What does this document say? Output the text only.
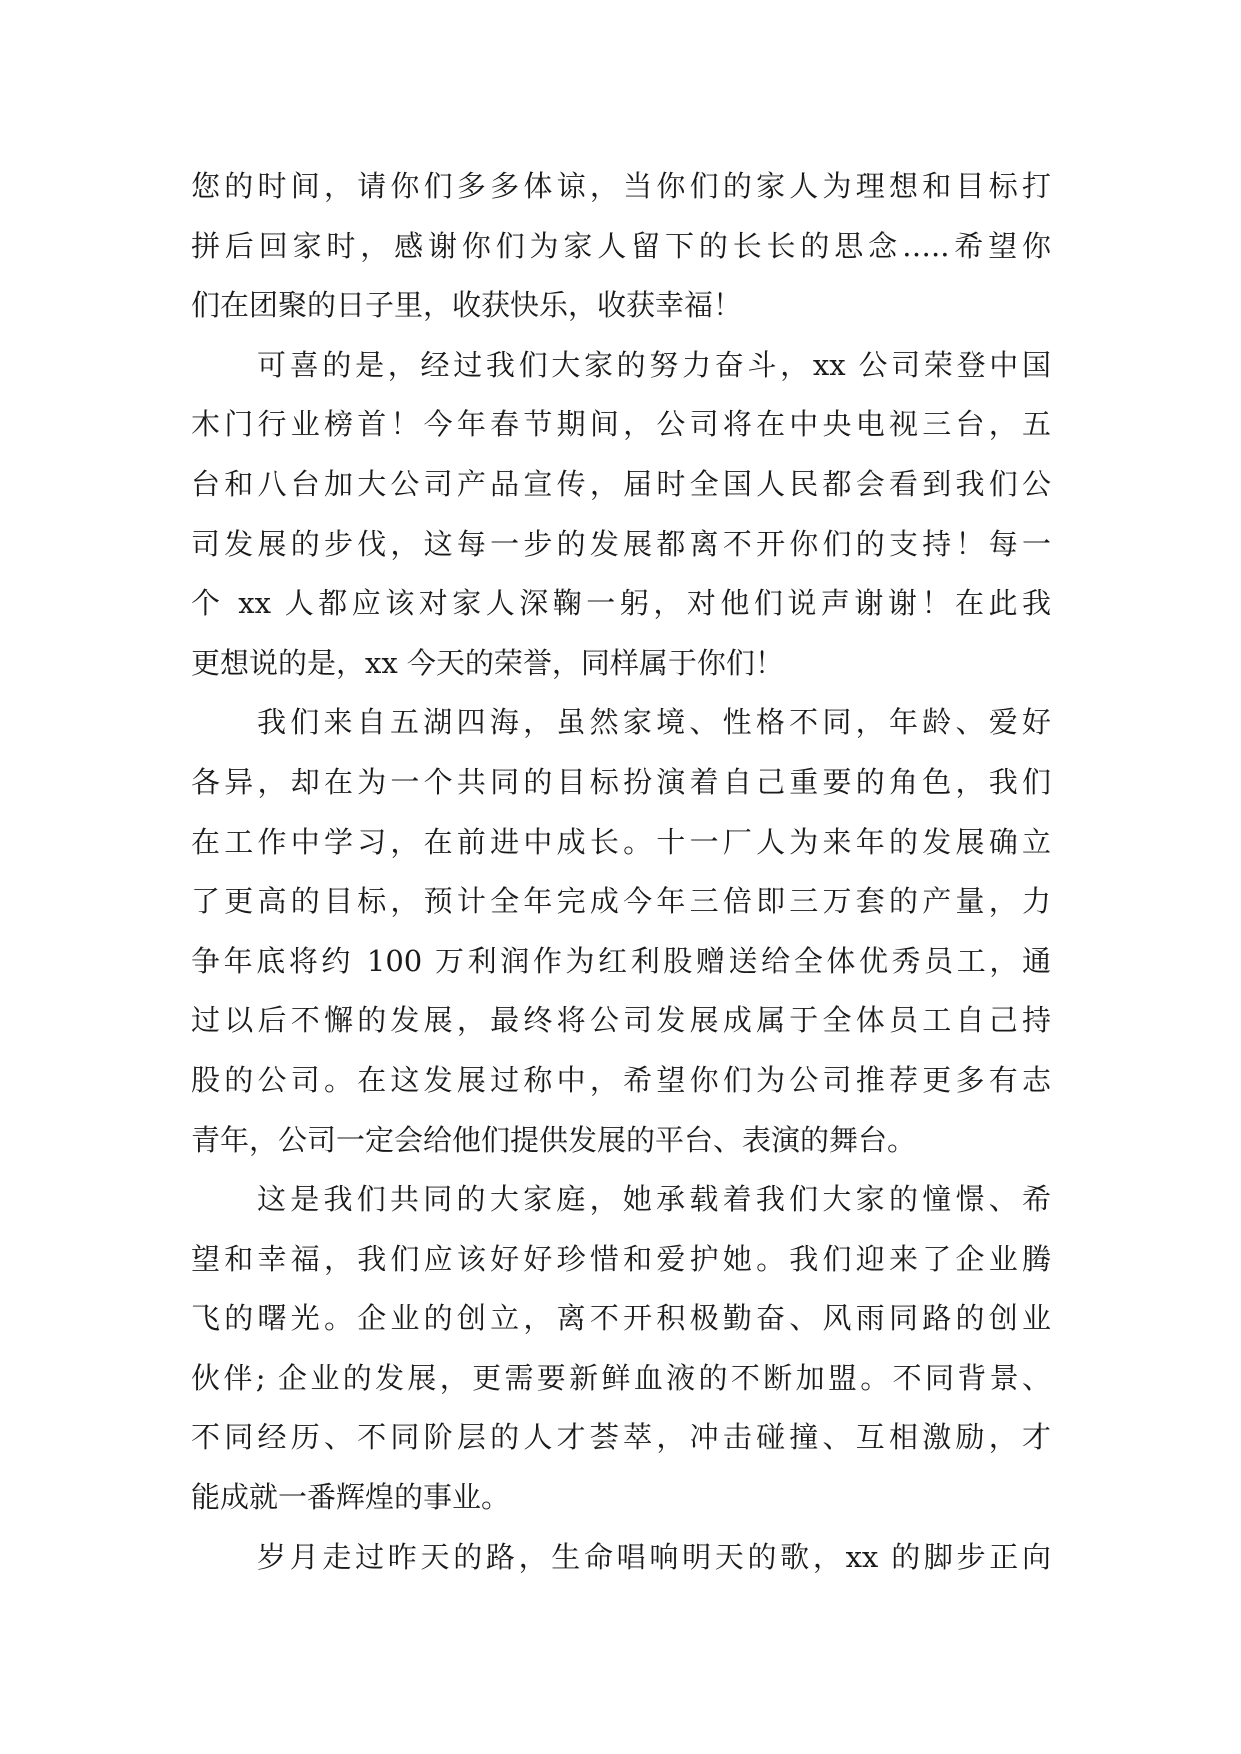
您的时间，请你们多多体谅，当你们的家人为理想和目标打
拼后回家时，感谢你们为家人留下的长长的思念…..希望你
们在团聚的日子里，收获快乐，收获幸福！
可喜的是，经过我们大家的努力奋斗，xx 公司荣登中国
木门行业榜首！今年春节期间，公司将在中央电视三台，五
台和八台加大公司产品宣传，届时全国人民都会看到我们公
司发展的步伐，这每一步的发展都离不开你们的支持！每一
个 xx 人都应该对家人深鞠一躬，对他们说声谢谢！在此我
更想说的是，xx 今天的荣誉，同样属于你们！
我们来自五湖四海，虽然家境、性格不同，年龄、爱好
各异，却在为一个共同的目标扮演着自己重要的角色，我们
在工作中学习，在前进中成长。十一厂人为来年的发展确立
了更高的目标，预计全年完成今年三倍即三万套的产量，力
争年底将约 100 万利润作为红利股赠送给全体优秀员工，通
过以后不懈的发展，最终将公司发展成属于全体员工自己持
股的公司。在这发展过称中，希望你们为公司推荐更多有志
青年，公司一定会给他们提供发展的平台、表演的舞台。
这是我们共同的大家庭，她承载着我们大家的憧憬、希
望和幸福，我们应该好好珍惜和爱护她。我们迎来了企业腾
飞的曙光。企业的创立，离不开积极勤奋、风雨同路的创业
伙伴; 企业的发展，更需要新鲜血液的不断加盟。不同背景、
不同经历、不同阶层的人才荟萃，冲击碰撞、互相激励，才
能成就一番辉煌的事业。
岁月走过昨天的路，生命唱响明天的歌，xx 的脚步正向
